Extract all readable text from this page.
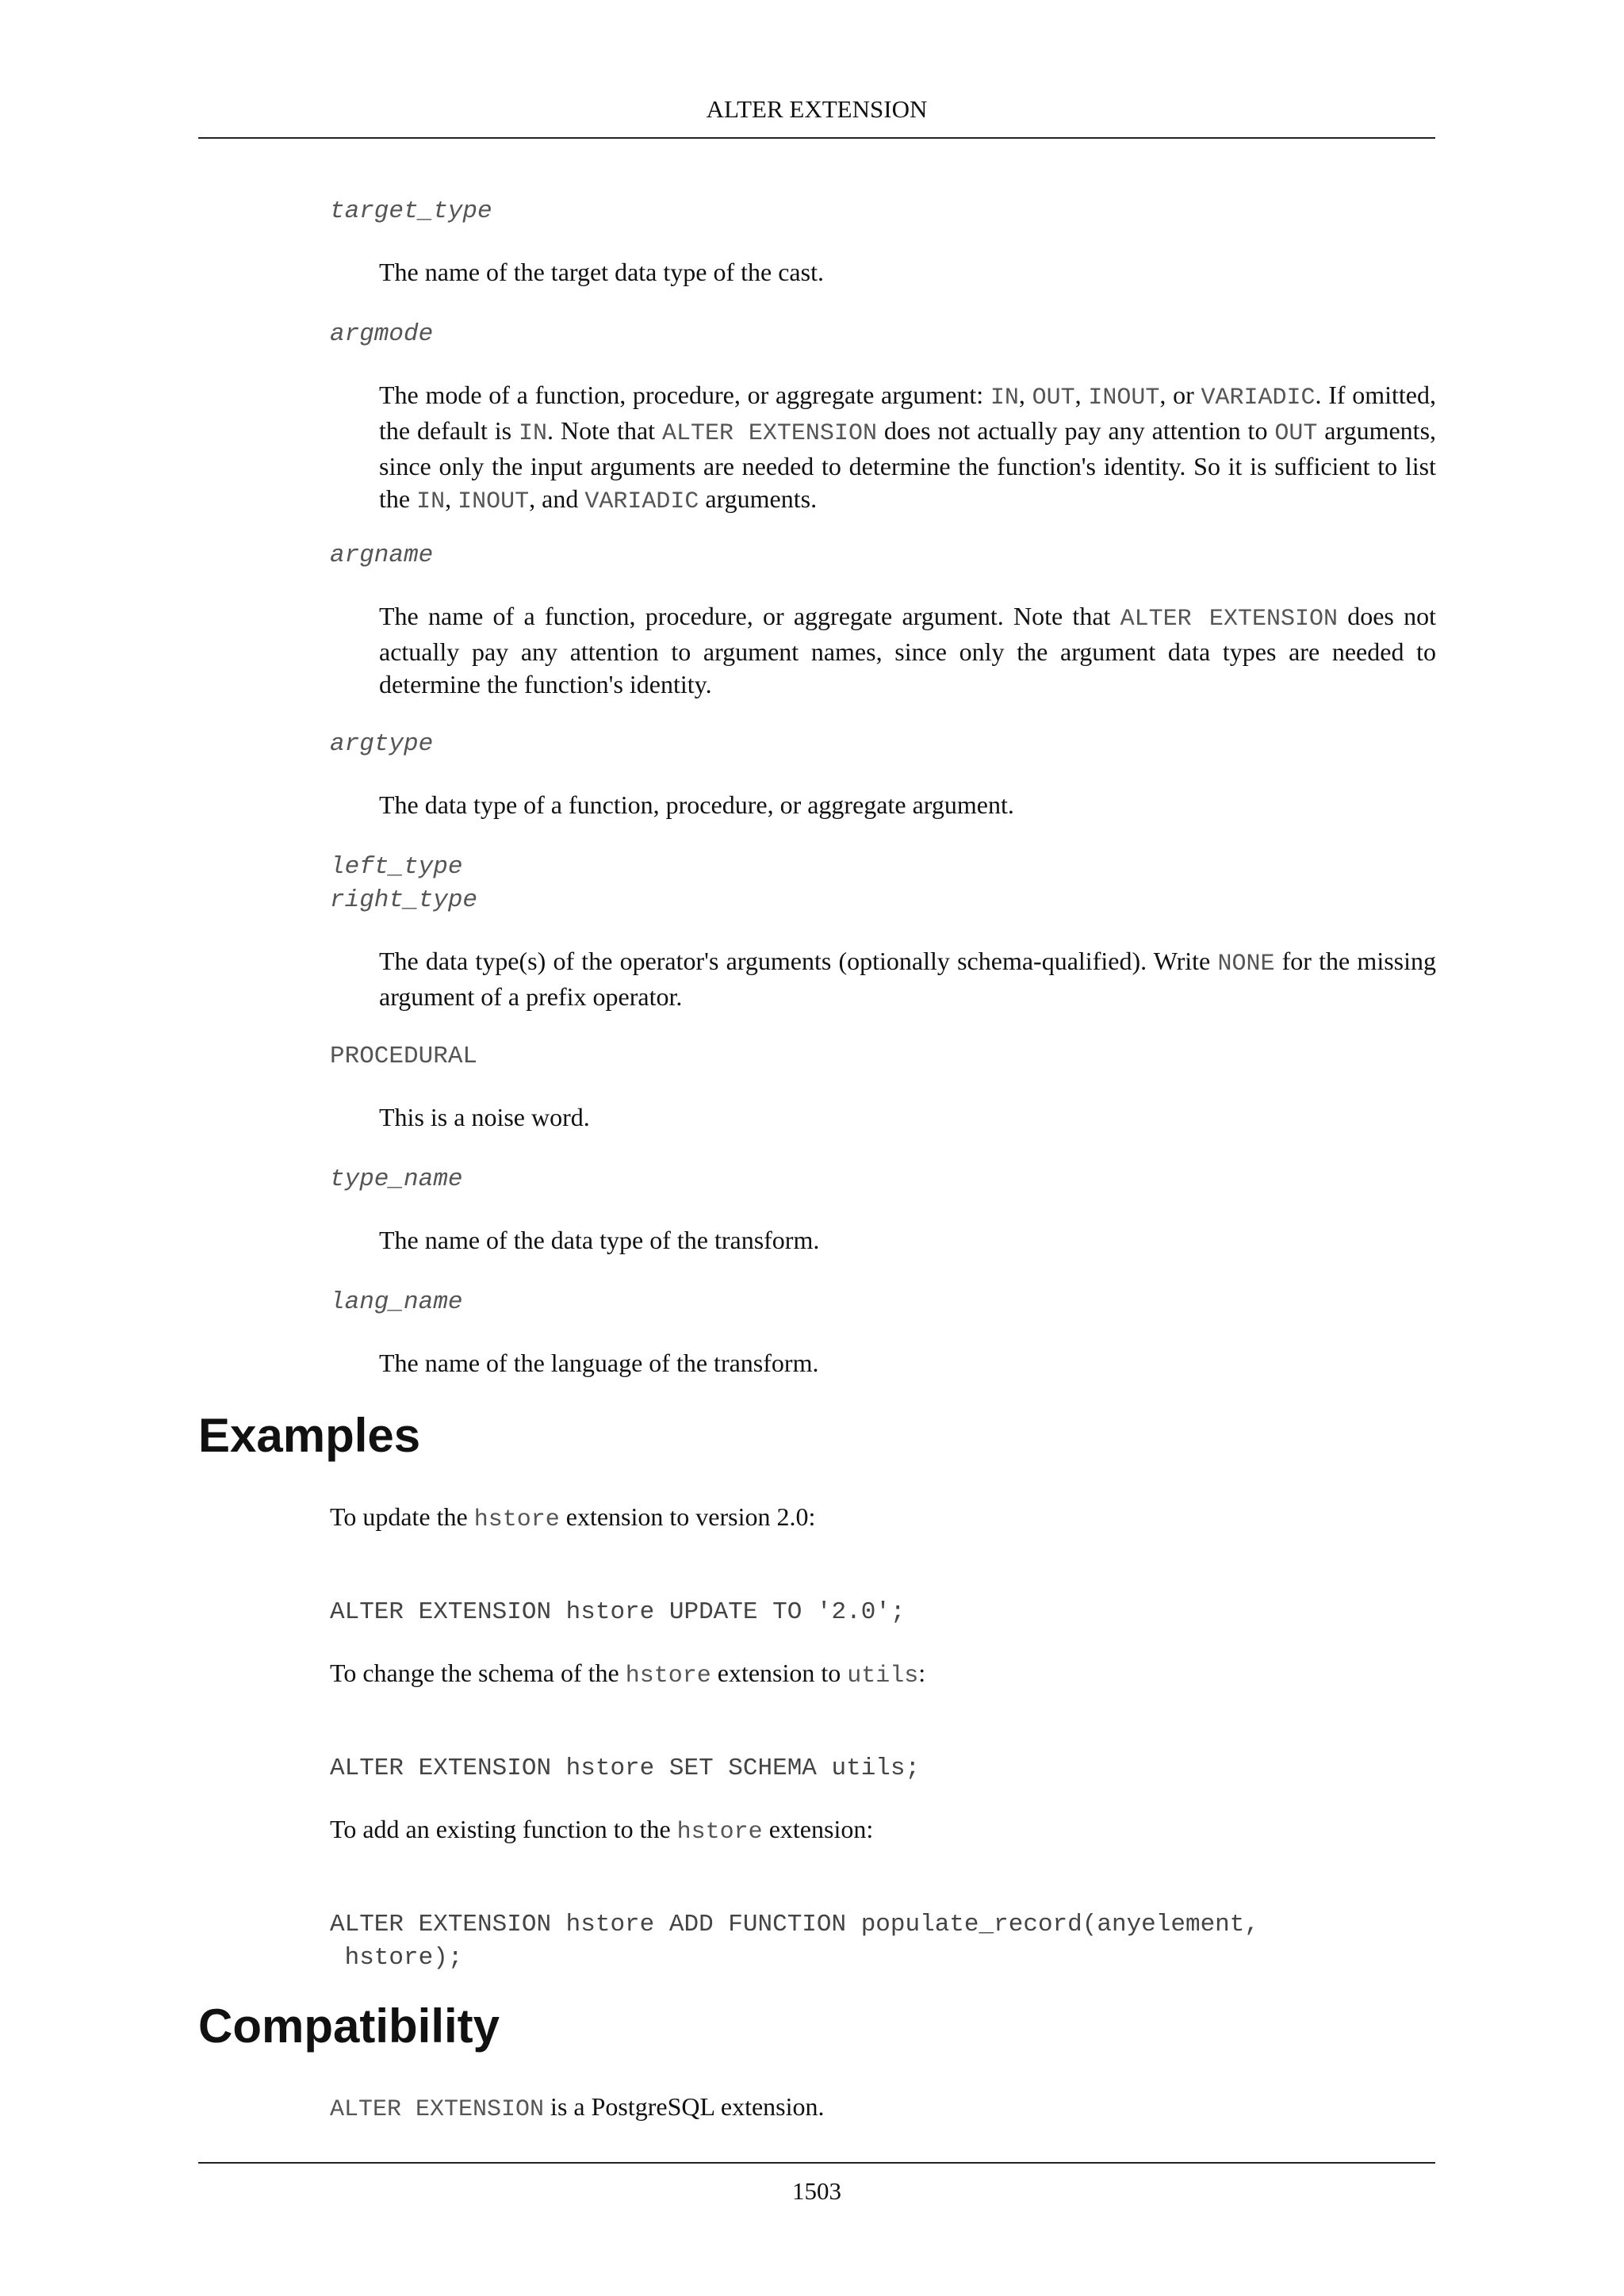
ALTER EXTENSION
target_type
The name of the target data type of the cast.
argmode
The mode of a function, procedure, or aggregate argument: IN, OUT, INOUT, or VARIADIC. If omitted, the default is IN. Note that ALTER EXTENSION does not actually pay any attention to OUT arguments, since only the input arguments are needed to determine the function's identity. So it is sufficient to list the IN, INOUT, and VARIADIC arguments.
argname
The name of a function, procedure, or aggregate argument. Note that ALTER EXTENSION does not actually pay any attention to argument names, since only the argument data types are needed to determine the function's identity.
argtype
The data type of a function, procedure, or aggregate argument.
left_type
right_type
The data type(s) of the operator's arguments (optionally schema-qualified). Write NONE for the missing argument of a prefix operator.
PROCEDURAL
This is a noise word.
type_name
The name of the data type of the transform.
lang_name
The name of the language of the transform.
Examples
To update the hstore extension to version 2.0:
ALTER EXTENSION hstore UPDATE TO '2.0';
To change the schema of the hstore extension to utils:
ALTER EXTENSION hstore SET SCHEMA utils;
To add an existing function to the hstore extension:
ALTER EXTENSION hstore ADD FUNCTION populate_record(anyelement,
hstore);
Compatibility
ALTER EXTENSION is a PostgreSQL extension.
1503
